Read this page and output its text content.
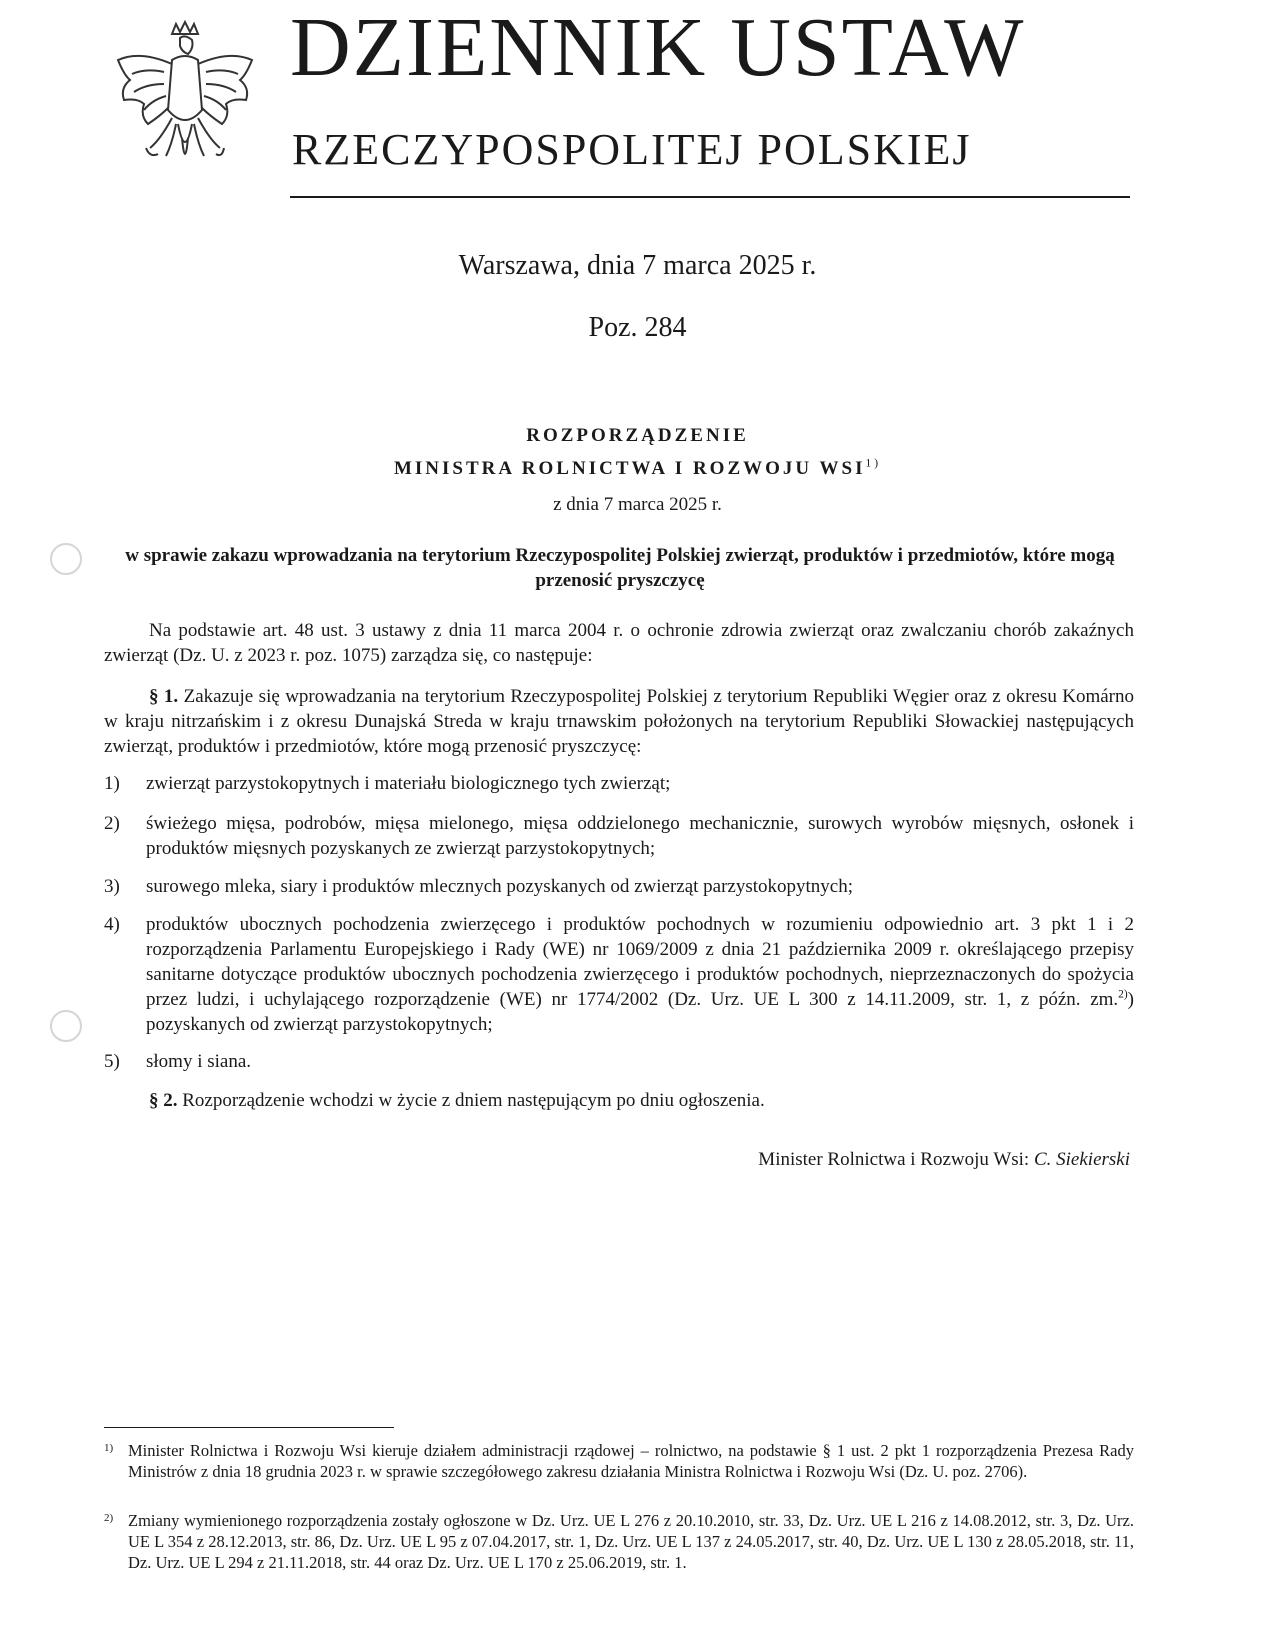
DZIENNIK USTAW
RZECZYPOSPOLITEJ POLSKIEJ
Warszawa, dnia 7 marca 2025 r.
Poz. 284
ROZPORZĄDZENIE
MINISTRA ROLNICTWA I ROZWOJU WSI$^{1)}$
z dnia 7 marca 2025 r.
w sprawie zakazu wprowadzania na terytorium Rzeczypospolitej Polskiej zwierząt, produktów i przedmiotów, które mogą przenosić pryszczycę
Na podstawie art. 48 ust. 3 ustawy z dnia 11 marca 2004 r. o ochronie zdrowia zwierząt oraz zwalczaniu chorób zakaźnych zwierząt (Dz. U. z 2023 r. poz. 1075) zarządza się, co następuje:
§ 1. Zakazuje się wprowadzania na terytorium Rzeczypospolitej Polskiej z terytorium Republiki Węgier oraz z okresu Komárno w kraju nitrzańskim i z okresu Dunajská Streda w kraju trnawskim położonych na terytorium Republiki Słowackiej następujących zwierząt, produktów i przedmiotów, które mogą przenosić pryszczycę:
1) zwierząt parzystokopytnych i materiału biologicznego tych zwierząt;
2) świeżego mięsa, podrobów, mięsa mielonego, mięsa oddzielonego mechanicznie, surowych wyrobów mięsnych, osłonek i produktów mięsnych pozyskanych ze zwierząt parzystokopytnych;
3) surowego mleka, siary i produktów mlecznych pozyskanych od zwierząt parzystokopytnych;
4) produktów ubocznych pochodzenia zwierzęcego i produktów pochodnych w rozumieniu odpowiednio art. 3 pkt 1 i 2 rozporządzenia Parlamentu Europejskiego i Rady (WE) nr 1069/2009 z dnia 21 października 2009 r. określającego przepisy sanitarne dotyczące produktów ubocznych pochodzenia zwierzęcego i produktów pochodnych, nieprzeznaczonych do spożycia przez ludzi, i uchylającego rozporządzenie (WE) nr 1774/2002 (Dz. Urz. UE L 300 z 14.11.2009, str. 1, z późn. zm.$^{2)}$) pozyskanych od zwierząt parzystokopytnych;
5) słomy i siana.
§ 2. Rozporządzenie wchodzi w życie z dniem następującym po dniu ogłoszenia.
Minister Rolnictwa i Rozwoju Wsi: C. Siekierski
1) Minister Rolnictwa i Rozwoju Wsi kieruje działem administracji rządowej – rolnictwo, na podstawie § 1 ust. 2 pkt 1 rozporządzenia Prezesa Rady Ministrów z dnia 18 grudnia 2023 r. w sprawie szczegółowego zakresu działania Ministra Rolnictwa i Rozwoju Wsi (Dz. U. poz. 2706).
2) Zmiany wymienionego rozporządzenia zostały ogłoszone w Dz. Urz. UE L 276 z 20.10.2010, str. 33, Dz. Urz. UE L 216 z 14.08.2012, str. 3, Dz. Urz. UE L 354 z 28.12.2013, str. 86, Dz. Urz. UE L 95 z 07.04.2017, str. 1, Dz. Urz. UE L 137 z 24.05.2017, str. 40, Dz. Urz. UE L 130 z 28.05.2018, str. 11, Dz. Urz. UE L 294 z 21.11.2018, str. 44 oraz Dz. Urz. UE L 170 z 25.06.2019, str. 1.
